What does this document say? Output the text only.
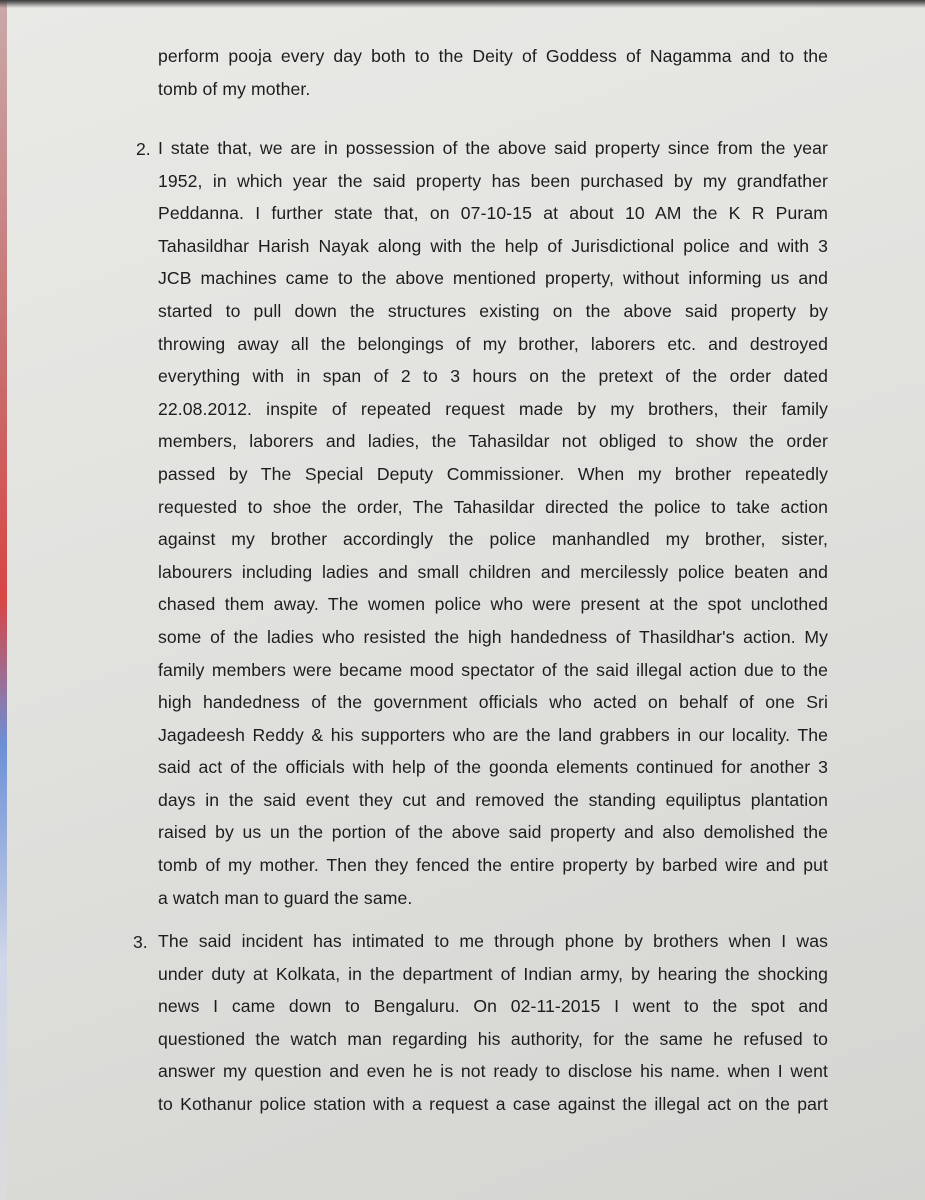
perform pooja every day both to the Deity of Goddess of Nagamma and to the
tomb of my mother.
2. I state that, we are in possession of the above said property since from the year
1952, in which year the said property has been purchased by my grandfather
Peddanna. I further state that, on 07-10-15 at about 10 AM the K R Puram
Tahasildhar Harish Nayak along with the help of Jurisdictional police and with 3
JCB machines came to the above mentioned property, without informing us and
started to pull down the structures existing on the above said property by
throwing away all the belongings of my brother, laborers etc. and destroyed
everything with in span of 2 to 3 hours on the pretext of the order dated
22.08.2012. inspite of repeated request made by my brothers, their family
members, laborers and ladies, the Tahasildar not obliged to show the order
passed by The Special Deputy Commissioner. When my brother repeatedly
requested to shoe the order, The Tahasildar directed the police to take action
against my brother accordingly the police manhandled my brother, sister,
labourers including ladies and small children and mercilessly police beaten and
chased them away. The women police who were present at the spot unclothed
some of the ladies who resisted the high handedness of Thasildhar's action. My
family members were became mood spectator of the said illegal action due to the
high handedness of the government officials who acted on behalf of one Sri
Jagadeesh Reddy & his supporters who are the land grabbers in our locality. The
said act of the officials with help of the goonda elements continued for another 3
days in the said event they cut and removed the standing equiliptus plantation
raised by us un the portion of the above said property and also demolished the
tomb of my mother. Then they fenced the entire property by barbed wire and put
a watch man to guard the same.
3. The said incident has intimated to me through phone by brothers when I was
under duty at Kolkata, in the department of Indian army, by hearing the shocking
news I came down to Bengaluru. On 02-11-2015 I went to the spot and
questioned the watch man regarding his authority, for the same he refused to
answer my question and even he is not ready to disclose his name. when I went
to Kothanur police station with a request a case against the illegal act on the part
